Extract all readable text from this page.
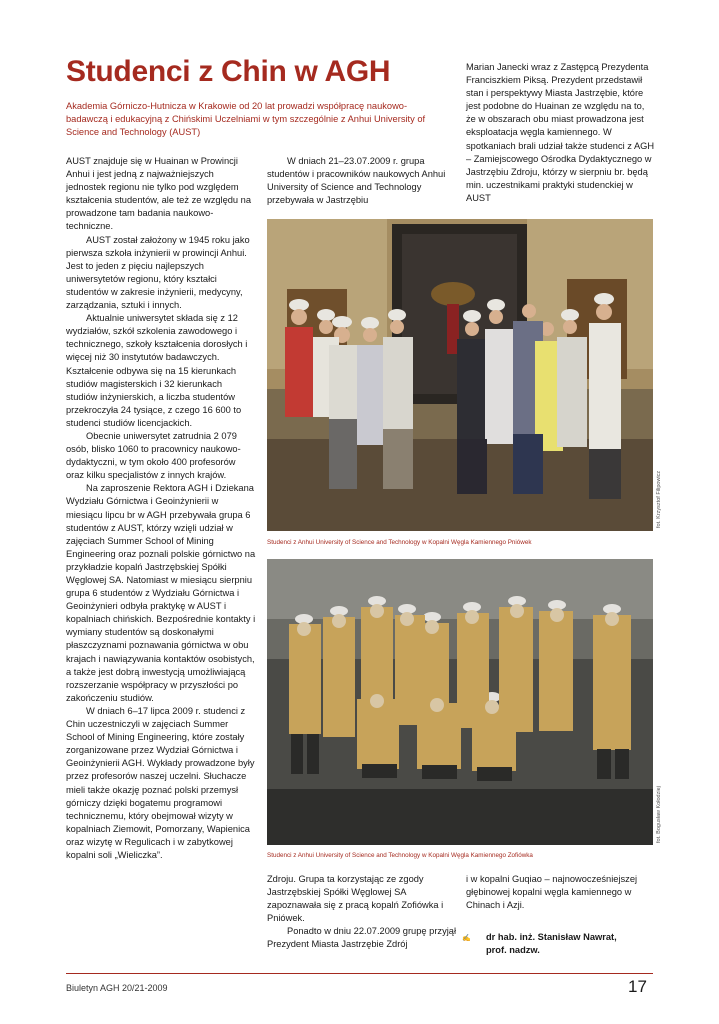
Studenci z Chin w AGH

Akademia Górniczo-Hutnicza w Krakowie od 20 lat prowadzi współpracę naukowo-badawczą i edukacyjną z Chińskimi Uczelniami w tym szczególnie z Anhui University of Science and Technology (AUST)

AUST znajduje się w Huainan w Prowincji Anhui i jest jedną z najważniejszych jednostek regionu nie tylko pod względem kształcenia studentów, ale też ze względu na prowadzone tam badania naukowo-techniczne.

AUST został założony w 1945 roku jako pierwsza szkoła inżynierii w prowincji Anhui. Jest to jeden z pięciu najlepszych uniwersytetów regionu, który kształci studentów w zakresie inżynierii, medycyny, zarządzania, sztuki i innych.

Aktualnie uniwersytet składa się z 12 wydziałów, szkół szkolenia zawodowego i technicznego, szkoły kształcenia dorosłych i więcej niż 30 instytutów badawczych. Kształcenie odbywa się na 15 kierunkach studiów magisterskich i 32 kierunkach studiów inżynierskich, a liczba studentów przekroczyła 24 tysiące, z czego 16 600 to studenci studiów licencjackich.

Obecnie uniwersytet zatrudnia 2 079 osób, blisko 1060 to pracownicy naukowo-dydaktyczni, w tym około 400 profesorów oraz kilku specjalistów z innych krajów.

Na zaproszenie Rektora AGH i Dziekana Wydziału Górnictwa i Geoinżynierii w miesiącu lipcu br w AGH przebywała grupa 6 studentów z AUST, którzy wzięli udział w zajęciach Summer School of Mining Engineering oraz poznali polskie górnictwo na przykładzie kopalń Jastrzębskiej Spółki Węglowej SA. Natomiast w miesiącu sierpniu grupa 6 studentów z Wydziału Górnictwa i Geoinżynieri odbyła praktykę w AUST i kopalniach chińskich. Bezpośrednie kontakty i wymiany studentów są doskonałymi płaszczyznami poznawania górnictwa w obu krajach i nawiązywania kontaktów osobistych, a także jest dobrą inwestycją umożliwiającą rozszerzanie współpracy w przyszłości po zakończeniu studiów.

W dniach 6–17 lipca 2009 r. studenci z Chin uczestniczyli w zajęciach Summer School of Mining Engineering, które zostały zorganizowane przez Wydział Górnictwa i Geoinżynierii AGH. Wykłady prowadzone były przez profesorów naszej uczelni. Słuchacze mieli także okazję poznać polski przemysł górniczy dzięki bogatemu programowi technicznemu, który obejmował wizyty w kopalniach Ziemowit, Pomorzany, Wapienica oraz wizytę w Regulicach i w zabytkowej kopalni soli „Wieliczka”.

W dniach 21–23.07.2009 r. grupa studentów i pracowników naukowych Anhui University of Science and Technology przebywała w Jastrzębiu

Marian Janecki wraz z Zastępcą Prezydenta Franciszkiem Piksą. Prezydent przedstawił stan i perspektywy Miasta Jastrzębie, które jest podobne do Huainan ze względu na to, że w obszarach obu miast prowadzona jest eksploatacja węgla kamiennego. W spotkaniach brali udział także studenci z AGH – Zamiejscowego Ośrodka Dydaktycznego w Jastrzębiu Zdroju, którzy w sierpniu br. będą min. uczestnikami praktyki studenckiej w AUST

Studenci z Anhui University of Science and Technology w Kopalni Węgla Kamiennego Pniówek
fot. Krzysztof Filipowicz
Studenci z Anhui University of Science and Technology w Kopalni Węgla Kamiennego Zofiówka
fot. Bogusław Kołodziej

Zdroju. Grupa ta korzystając ze zgody Jastrzębskiej Spółki Węglowej SA zapoznawała się z pracą kopalń Zofiówka i Pniówek.

Ponadto w dniu 22.07.2009 grupę przyjął Prezydent Miasta Jastrzębie Zdrój

i w kopalni Guqiao – najnowocześniejszej głębinowej kopalni węgla kamiennego w Chinach i Azji.

✍	dr hab. inż. Stanisław Nawrat,
prof. nadzw.
Biuletyn AGH 20/21-2009	17
